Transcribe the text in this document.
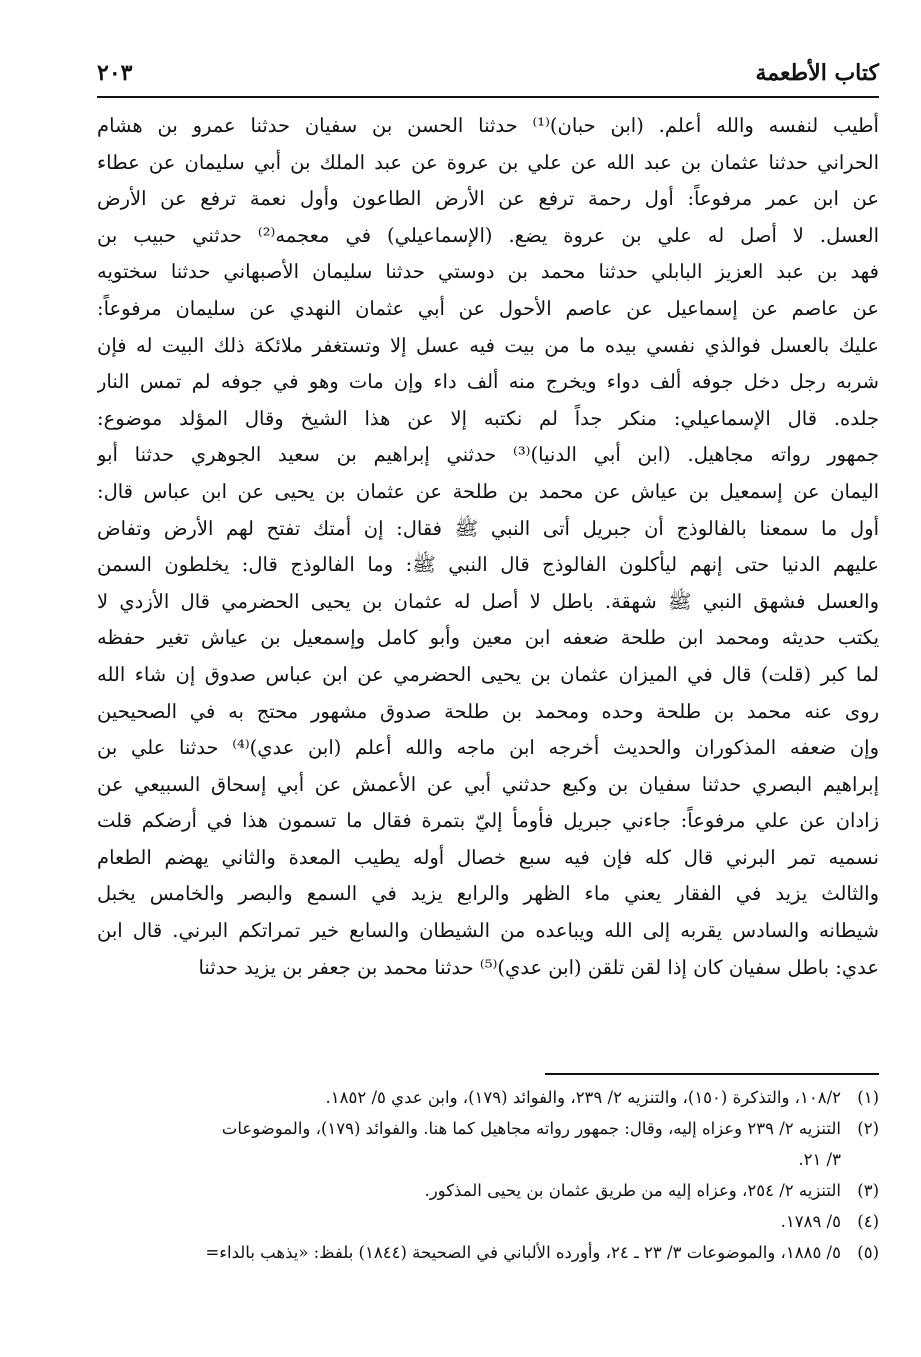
كتاب الأطعمة
٢٠٣
أطيب لنفسه والله أعلم. (ابن حبان)⁽¹⁾ حدثنا الحسن بن سفيان حدثنا عمرو بن هشام
الحراني حدثنا عثمان بن عبد الله عن علي بن عروة عن عبد الملك بن أبي سليمان عن عطاء
عن ابن عمر مرفوعاً: أول رحمة ترفع عن الأرض الطاعون وأول نعمة ترفع عن الأرض
العسل. لا أصل له علي بن عروة يضع. (الإسماعيلي) في معجمه⁽²⁾ حدثني حبيب بن
فهد بن عبد العزيز البابلي حدثنا محمد بن دوستي حدثنا سليمان الأصبهاني حدثنا سختويه
عن عاصم عن إسماعيل عن عاصم الأحول عن أبي عثمان النهدي عن سليمان مرفوعاً:
عليك بالعسل فوالذي نفسي بيده ما من بيت فيه عسل إلا وتستغفر ملائكة ذلك البيت له فإن
شربه رجل دخل جوفه ألف دواء ويخرج منه ألف داء وإن مات وهو في جوفه لم تمس النار
جلده. قال الإسماعيلي: منكر جداً لم نكتبه إلا عن هذا الشيخ وقال المؤلد موضوع:
جمهور رواته مجاهيل. (ابن أبي الدنيا)⁽³⁾ حدثني إبراهيم بن سعيد الجوهري حدثنا أبو
اليمان عن إسمعيل بن عياش عن محمد بن طلحة عن عثمان بن يحيى عن ابن عباس قال:
أول ما سمعنا بالفالوذج أن جبريل أتى النبي ﷺ فقال: إن أمتك تفتح لهم الأرض وتفاض
عليهم الدنيا حتى إنهم ليأكلون الفالوذج قال النبي ﷺ: وما الفالوذج قال: يخلطون السمن
والعسل فشهق النبي ﷺ شهقة. باطل لا أصل له عثمان بن يحيى الحضرمي قال الأزدي لا
يكتب حديثه ومحمد ابن طلحة ضعفه ابن معين وأبو كامل وإسمعيل بن عياش تغير حفظه
لما كبر (قلت) قال في الميزان عثمان بن يحيى الحضرمي عن ابن عباس صدوق إن شاء الله
روى عنه محمد بن طلحة وحده ومحمد بن طلحة صدوق مشهور محتج به في الصحيحين
وإن ضعفه المذكوران والحديث أخرجه ابن ماجه والله أعلم (ابن عدي)⁽⁴⁾ حدثنا علي بن
إبراهيم البصري حدثنا سفيان بن وكيع حدثني أبي عن الأعمش عن أبي إسحاق السبيعي عن
زادان عن علي مرفوعاً: جاءني جبريل فأومأ إليّ بتمرة فقال ما تسمون هذا في أرضكم قلت
نسميه تمر البرني قال كله فإن فيه سبع خصال أوله يطيب المعدة والثاني يهضم الطعام
والثالث يزيد في الفقار يعني ماء الظهر والرابع يزيد في السمع والبصر والخامس يخبل
شيطانه والسادس يقربه إلى الله ويباعده من الشيطان والسابع خير تمراتكم البرني. قال ابن
عدي: باطل سفيان كان إذا لقن تلقن (ابن عدي)⁽⁵⁾ حدثنا محمد بن جعفر بن يزيد حدثنا
(١)
١٠٨/٢، والتذكرة (١٥٠)، والتنزيه ٢/ ٢٣٩، والفوائد (١٧٩)، وابن عدي ٥/ ١٨٥٢.
(٢)
التنزيه ٢/ ٢٣٩ وعزاه إليه، وقال: جمهور رواته مجاهيل كما هنا. والفوائد (١٧٩)، والموضوعات
٣/ ٢١.
(٣)
التنزيه ٢/ ٢٥٤، وعزاه إليه من طريق عثمان بن يحيى المذكور.
(٤)
٥/ ١٧٨٩.
(٥)
٥/ ١٨٨٥، والموضوعات ٣/ ٢٣ ـ ٢٤، وأورده الألباني في الصحيحة (١٨٤٤) بلفظ: «يذهب بالداء=
